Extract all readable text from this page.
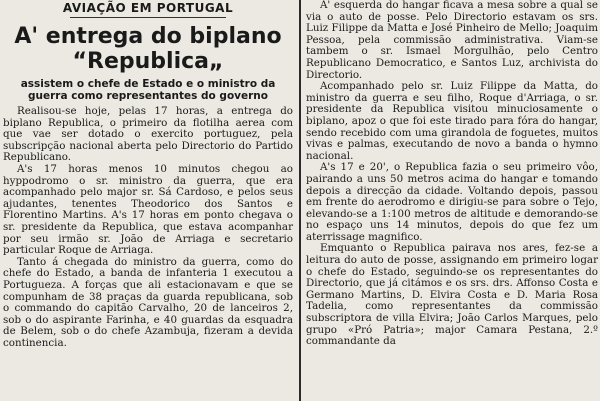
AVIAÇÃO EM PORTUGAL
A' entrega do biplano
“Republica„
assistem o chefe de Estado e o ministro da guerra como representantes do governo

Realisou-se hoje, pelas 17 horas, a entrega do biplano Republica, o primeiro da flotilha aerea com que vae ser dotado o exercito portuguez, pela subscripção nacional aberta pelo Directorio do Partido Republicano.

A's 17 horas menos 10 minutos chegou ao hyppodromo o sr. ministro da guerra, que era acompanhado pelo major sr. Sá Cardoso, e pelos seus ajudantes, tenentes Theodorico dos Santos e Florentino Martins. A's 17 horas em ponto chegava o sr. presidente da Republica, que estava acompanhar por seu irmão sr. João de Arriaga e secretario particular Roque de Arriaga.

Tanto á chegada do ministro da guerra, como do chefe do Estado, a banda de infanteria 1 executou a Portugueza. A forças que ali estacionavam e que se compunham de 38 praças da guarda republicana, sob o commando do capitão Carvalho, 20 de lanceiros 2, sob o do aspirante Farinha, e 40 guardas da esquadra de Belem, sob o do chefe Azambuja, fizeram a devida continencia.

A' esquerda do hangar ficava a mesa sobre a qual se via o auto de posse. Pelo Directorio estavam os srs. Luiz Filippe da Matta e José Pinheiro de Mello; Joaquim Pessoa, pela commissão administrativa. Viam-se tambem o sr. Ismael Morgulhão, pelo Centro Republicano Democratico, e Santos Luz, archivista do Directorio.

Acompanhado pelo sr. Luiz Filippe da Matta, do ministro da guerra e seu filho, Roque d'Arriaga, o sr. presidente da Republica visitou minuciosamente o biplano, apoz o que foi este tirado para fóra do hangar, sendo recebido com uma girandola de foguetes, muitos vivas e palmas, executando de novo a banda o hymno nacional.

A's 17 e 20', o Republica fazia o seu primeiro vôo, pairando a uns 50 metros acima do hangar e tomando depois a direcção da cidade. Voltando depois, passou em frente do aerodromo e dirigiu-se para sobre o Tejo, elevando-se a 1:100 metros de altitude e demorando-se no espaço uns 14 minutos, depois do que fez um aterrissage magnifico.

Emquanto o Republica pairava nos ares, fez-se a leitura do auto de posse, assignando em primeiro logar o chefe do Estado, seguindo-se os representantes do Directorio, que já citámos e os srs. drs. Affonso Costa e Germano Martins, D. Elvira Costa e D. Maria Rosa Tadelia, como representantes da commissão subscriptora de villa Elvira; João Carlos Marques, pelo grupo «Pró Patria»; major Camara Pestana, 2.º commandante da
